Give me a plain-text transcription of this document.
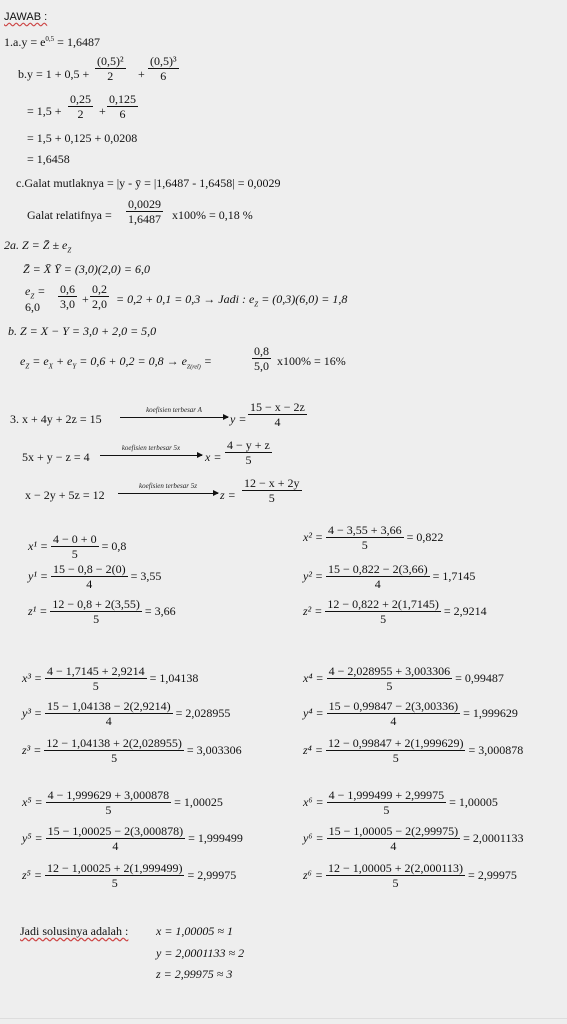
JAWAB :
$1.a.y = e^{0,5} = 1,6487$
$b.y = 1 + 0,5 + \frac{\text{(0,5)²}}{2} + \frac{\text{(0,5)³}}{6}$
= $1,5 + \frac{0,25}{2} + \frac{0,125}{6}$
= 1,5 + 0,125 + 0,0208
= 1,6458
c.Galat mutlaknya = |y - ȳ = |1,6487 - 1,6458| = 0,0029
Galat relatifnya = $\frac{0,0029}{1,6487} x100\% = 0,18$ %
2a. Z = Z̄ ± $e_Z$
Z̄ = X̄ Ȳ = (3,0)(2,0) = 6,0
$e_Z$ =
$6,0 \frac{0,6}{3,0} + \frac{0,2}{2,0} = 0,2 + 0,1 = 0,3$ → Jadi : $e_Z = (0,3)(6,0) = 1,8$
b. Z = X − Y = 3,0 + 2,0 = 5,0
$e_Z = e_X + e_Y = 0,6 + 0,2 = 0,8 \to e_{Z(rel)}$ =	$\frac{0,8}{5,0} x100\% = 16\%$
3. x + 4y + 2z = 15
koefisien terbesar A
$y = \frac{15 - x - 2z}{4}$
5x + y − z = 4
koefisien terbesar 5x
$x = \frac{4 - y + z}{5}$
x − 2y + 5z = 12
koefisien terbesar 5z
$z = \frac{12 - x + 2y}{5}$
$x^1 = \frac{4 - 0 + 0}{5} = 0,8$
$y^1 = \frac{15 - 0,8 - 2(0)}{4} = 3,55$
$z^1 = \frac{12 - 0,8 + 2(3,55)}{5} = 3,66$
$x^2 = \frac{4 - 3,55 + 3,66}{5} = 0,822$
$y^2 = \frac{15 - 0,822 - 2(3,66)}{4} = 1,7145$
$z^2 = \frac{12 - 0,822 + 2(1,7145)}{5} = 2,9214$
$x^3 = \frac{4 - 1,7145 + 2,9214}{5} = 1,04138$
$y^3 = \frac{15 - 1,04138 - 2(2,9214)}{4} = 2,028955$
$z^3 = \frac{12 - 1,04138 + 2(2,028955)}{5} = 3,003306$
$x^4 = \frac{4 - 2,028955 + 3,003306}{5} = 0,99487$
$y^4 = \frac{15 - 0,99847 - 2(3,00336)}{4} = 1,999629$
$z^4 = \frac{12 - 0,99847 + 2(1,999629)}{5} = 3,000878$
$x^5 = \frac{4 - 1,999629 + 3,000878}{5} = 1,00025$
$y^5 = \frac{15 - 1,00025 - 2(3,000878)}{4} = 1,999499$
$z^5 = \frac{12 - 1,00025 + 2(1,999499)}{5} = 2,99975$
$x^6 = \frac{4 - 1,999499 + 2,99975}{5} = 1,00005$
$y^6 = \frac{15 - 1,00005 - 2(2,99975)}{4} = 2,0001133$
$z^6 = \frac{12 - 1,00005 + 2(2,000113)}{5} = 2,99975$
Jadi solusinya adalah : x = 1,00005 ≈ 1
y = 2,0001133 ≈ 2
z = 2,99975 ≈ 3
